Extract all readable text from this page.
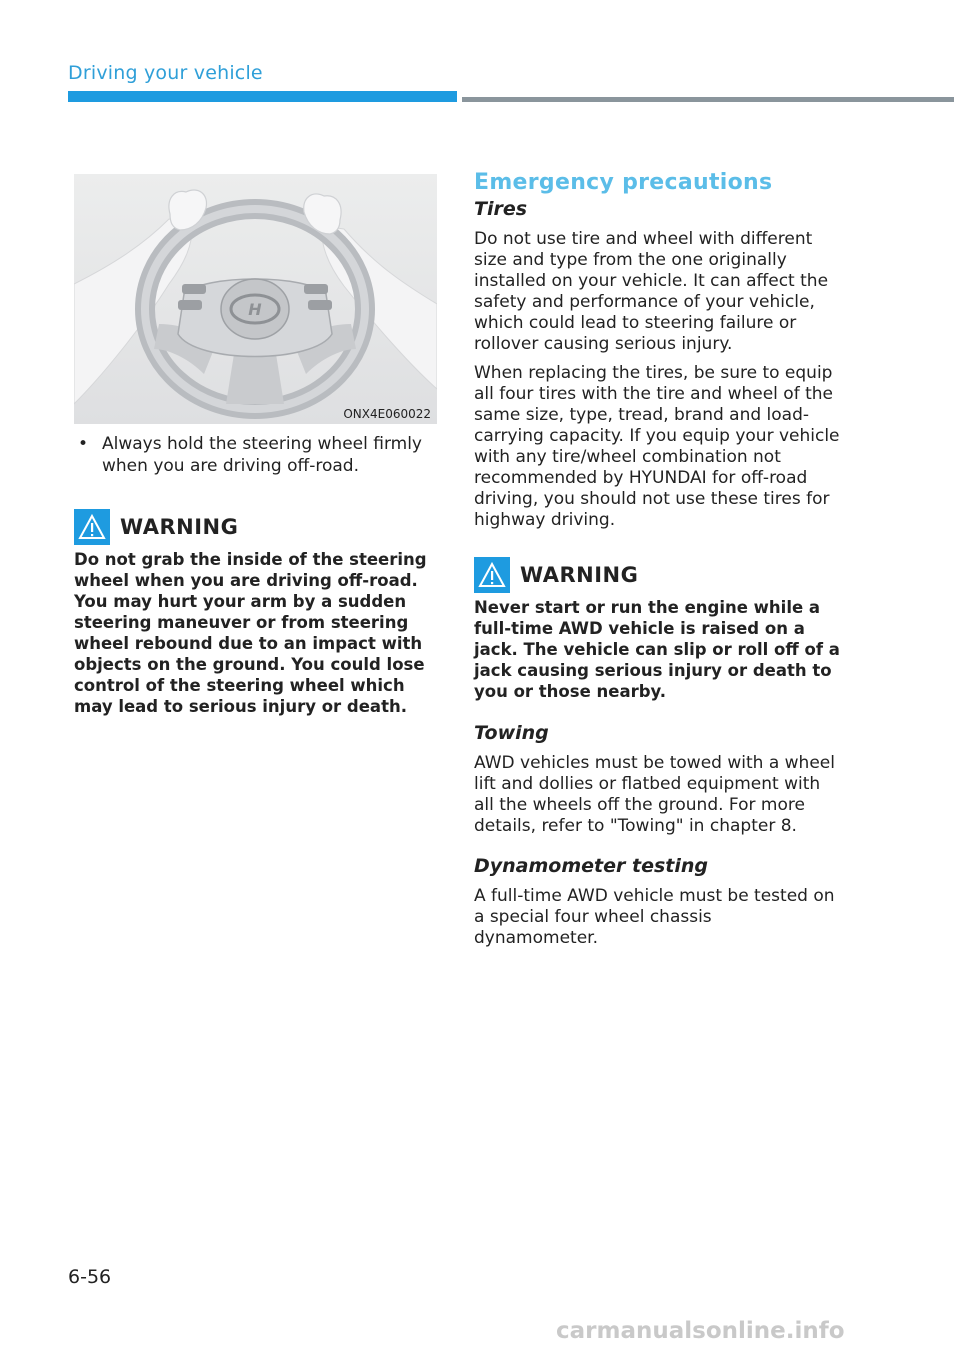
Driving your vehicle
H
ONX4E060022
• Always hold the steering wheel firmly when you are driving off-road.
WARNING
Do not grab the inside of the steering wheel when you are driving off-road. You may hurt your arm by a sudden steering maneuver or from steering wheel rebound due to an impact with objects on the ground. You could lose control of the steering wheel which may lead to serious injury or death.
Emergency precautions
Tires

Do not use tire and wheel with different size and type from the one originally installed on your vehicle. It can affect the safety and performance of your vehicle, which could lead to steering failure or rollover causing serious injury.

When replacing the tires, be sure to equip all four tires with the tire and wheel of the same size, type, tread, brand and load-carrying capacity. If you equip your vehicle with any tire/wheel combination not recommended by HYUNDAI for off-road driving, you should not use these tires for highway driving.

WARNING
Never start or run the engine while a full-time AWD vehicle is raised on a jack. The vehicle can slip or roll off of a jack causing serious injury or death to you or those nearby.
Towing

AWD vehicles must be towed with a wheel lift and dollies or flatbed equipment with all the wheels off the ground. For more details, refer to "Towing" in chapter 8.

Dynamometer testing

A full-time AWD vehicle must be tested on a special four wheel chassis dynamometer.

6-56
carmanualsonline.info
